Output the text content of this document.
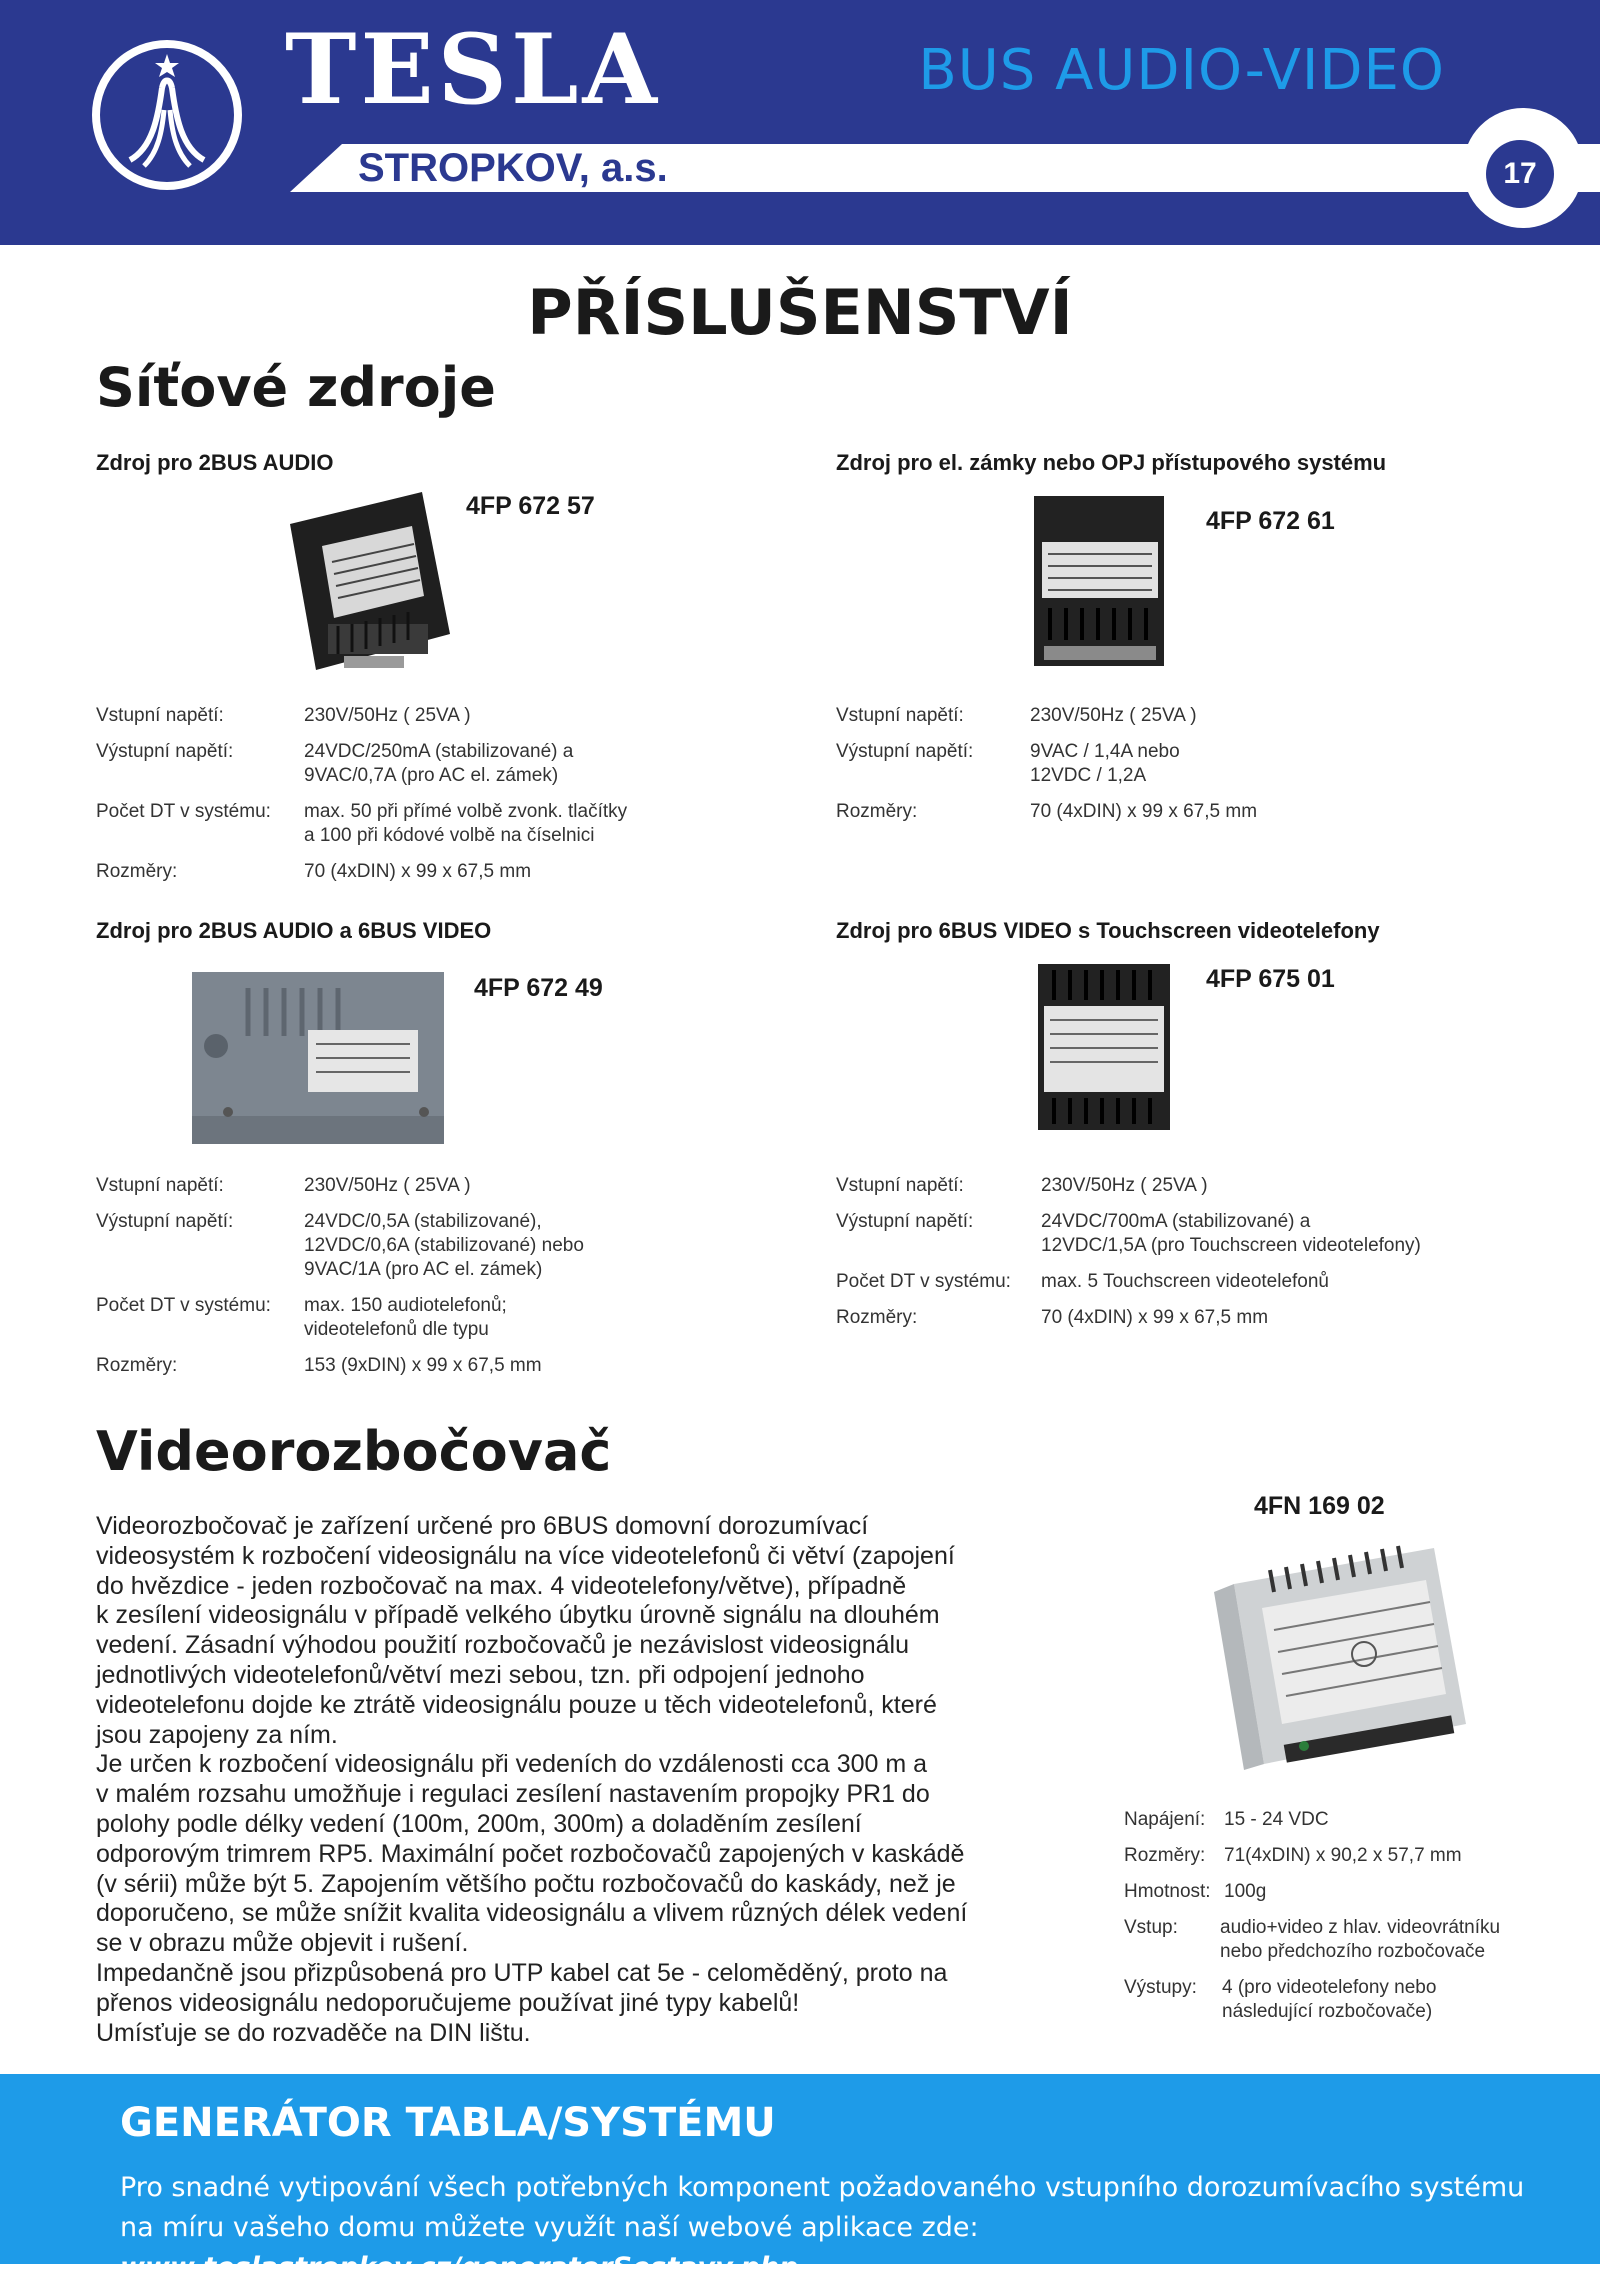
TESLA	BUS AUDIO-VIDEO
STROPKOV, a.s.	17
PŘÍSLUŠENSTVÍ
Síťové zdroje
Zdroj pro 2BUS AUDIO
4FP 672 57
Vstupní napětí:	230V/50Hz ( 25VA )
Výstupní napětí:	24VDC/250mA (stabilizované) a
9VAC/0,7A (pro AC el. zámek)
Počet DT v systému: max. 50 při přímé volbě zvonk. tlačítky
a 100 při kódové volbě na číselnici
Rozměry:	70 (4xDIN) x 99 x 67,5 mm
Zdroj pro el. zámky nebo OPJ přístupového systému
4FP 672 61
Vstupní napětí:	230V/50Hz ( 25VA )
Výstupní napětí:	9VAC / 1,4A nebo
12VDC / 1,2A
Rozměry:	70 (4xDIN) x 99 x 67,5 mm
Zdroj pro 2BUS AUDIO a 6BUS VIDEO
4FP 672 49
Vstupní napětí:	230V/50Hz ( 25VA )
Výstupní napětí:	24VDC/0,5A (stabilizované),
12VDC/0,6A (stabilizované) nebo
9VAC/1A (pro AC el. zámek)
Počet DT v systému: max. 150 audiotelefonů;
videotelefonů dle typu
Rozměry:	153 (9xDIN) x 99 x 67,5 mm
Zdroj pro 6BUS VIDEO s Touchscreen videotelefony
4FP 675 01
Vstupní napětí:	230V/50Hz ( 25VA )
Výstupní napětí:	24VDC/700mA (stabilizované) a
12VDC/1,5A (pro Touchscreen videotelefony)
Počet DT v systému: max. 5 Touchscreen videotelefonů
Rozměry:	70 (4xDIN) x 99 x 67,5 mm
Videorozbočovač
Videorozbočovač je zařízení určené pro 6BUS domovní dorozumívací
videosystém k rozbočení videosignálu na více videotelefonů či větví (zapojení
do hvězdice - jeden rozbočovač na max. 4 videotelefony/větve), případně
k zesílení videosignálu v případě velkého úbytku úrovně signálu na dlouhém
vedení. Zásadní výhodou použití rozbočovačů je nezávislost videosignálu
jednotlivých videotelefonů/větví mezi sebou, tzn. při odpojení jednoho
videotelefonu dojde ke ztrátě videosignálu pouze u těch videotelefonů, které
jsou zapojeny za ním.
Je určen k rozbočení videosignálu při vedeních do vzdálenosti cca 300 m a
v malém rozsahu umožňuje i regulaci zesílení nastavením propojky PR1 do
polohy podle délky vedení (100m, 200m, 300m) a doladěním zesílení
odporovým trimrem RP5. Maximální počet rozbočovačů zapojených v kaskádě
(v sérii) může být 5. Zapojením většího počtu rozbočovačů do kaskády, než je
doporučeno, se může snížit kvalita videosignálu a vlivem různých délek vedení
se v obrazu může objevit i rušení.
Impedančně jsou přizpůsobená pro UTP kabel cat 5e - celoměděný, proto na
přenos videosignálu nedoporučujeme používat jiné typy kabelů!
Umísťuje se do rozvaděče na DIN lištu.
4FN 169 02
Napájení: 15 - 24 VDC
Rozměry: 71(4xDIN) x 90,2 x 57,7 mm
Hmotnost: 100g
Vstup: audio+video z hlav. videovrátníku
nebo předchozího rozbočovače
Výstupy: 4 (pro videotelefony nebo
následující rozbočovače)
GENERÁTOR TABLA/SYSTÉMU
Pro snadné vytipování všech potřebných komponent požadovaného vstupního dorozumívacího systému na míru vašeho domu můžete využít naší webové aplikace zde: www.teslastropkov.cz/generatorSestavy.php
